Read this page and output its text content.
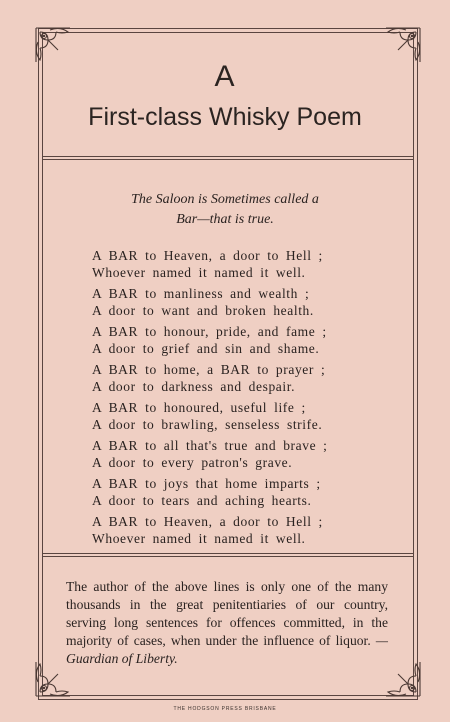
A
First-class Whisky Poem
The Saloon is Sometimes called a
Bar—that is true.
A BAR to Heaven, a door to Hell ;
Whoever named it named it well.
A BAR to manliness and wealth ;
A door to want and broken health.
A BAR to honour, pride, and fame ;
A door to grief and sin and shame.
A BAR to home, a BAR to prayer ;
A door to darkness and despair.
A BAR to honoured, useful life ;
A door to brawling, senseless strife.
A BAR to all that's true and brave ;
A door to every patron's grave.
A BAR to joys that home imparts ;
A door to tears and aching hearts.
A BAR to Heaven, a door to Hell ;
Whoever named it named it well.

The author of the above lines is only one of the many thousands in the great penitentiaries of our country, serving long sentences for offences committed, in the majority of cases, when under the influence of liquor. —Guardian of Liberty.

THE HODGSON PRESS BRISBANE
